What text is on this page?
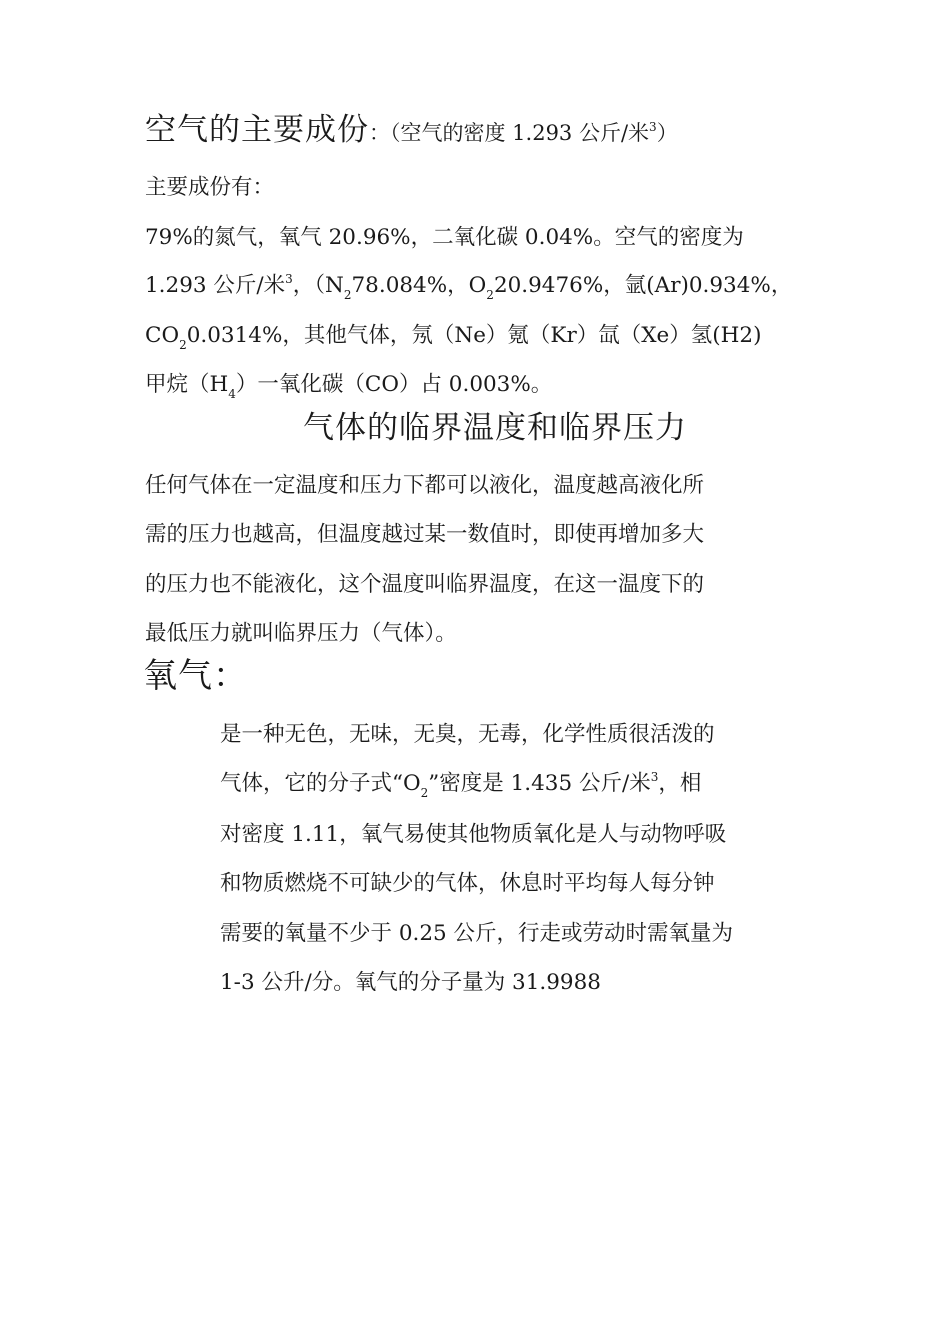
空气的主要成份：（空气的密度 1.293 公斤/米$^3$）
主要成份有：
79%的氮气，氧气 20.96%，二氧化碳 0.04%。空气的密度为
1.293 公斤/米$^3$，（$N_278.084\%$，$O_220.9476\%$，氩(Ar)0.934%，
$CO_20.0314\%$，其他气体，氖（Ne）氪（Kr）氙（Xe）氢(H2)
甲烷$(H_4)$一氧化碳（CO）占 0.003%。
气体的临界温度和临界压力
任何气体在一定温度和压力下都可以液化，温度越高液化所
需的压力也越高，但温度越过某一数值时，即使再增加多大
的压力也不能液化，这个温度叫临界温度，在这一温度下的
最低压力就叫临界压力（气体）。
氧气：
是一种无色，无味，无臭，无毒，化学性质很活泼的
气体，它的分子式“$O_2$”密度是 1.435 公斤/米$^3$，相
对密度 1.11，氧气易使其他物质氧化是人与动物呼吸
和物质燃烧不可缺少的气体，休息时平均每人每分钟
需要的氧量不少于 0.25 公斤，行走或劳动时需氧量为
1-3 公升/分。氧气的分子量为 31.9988
